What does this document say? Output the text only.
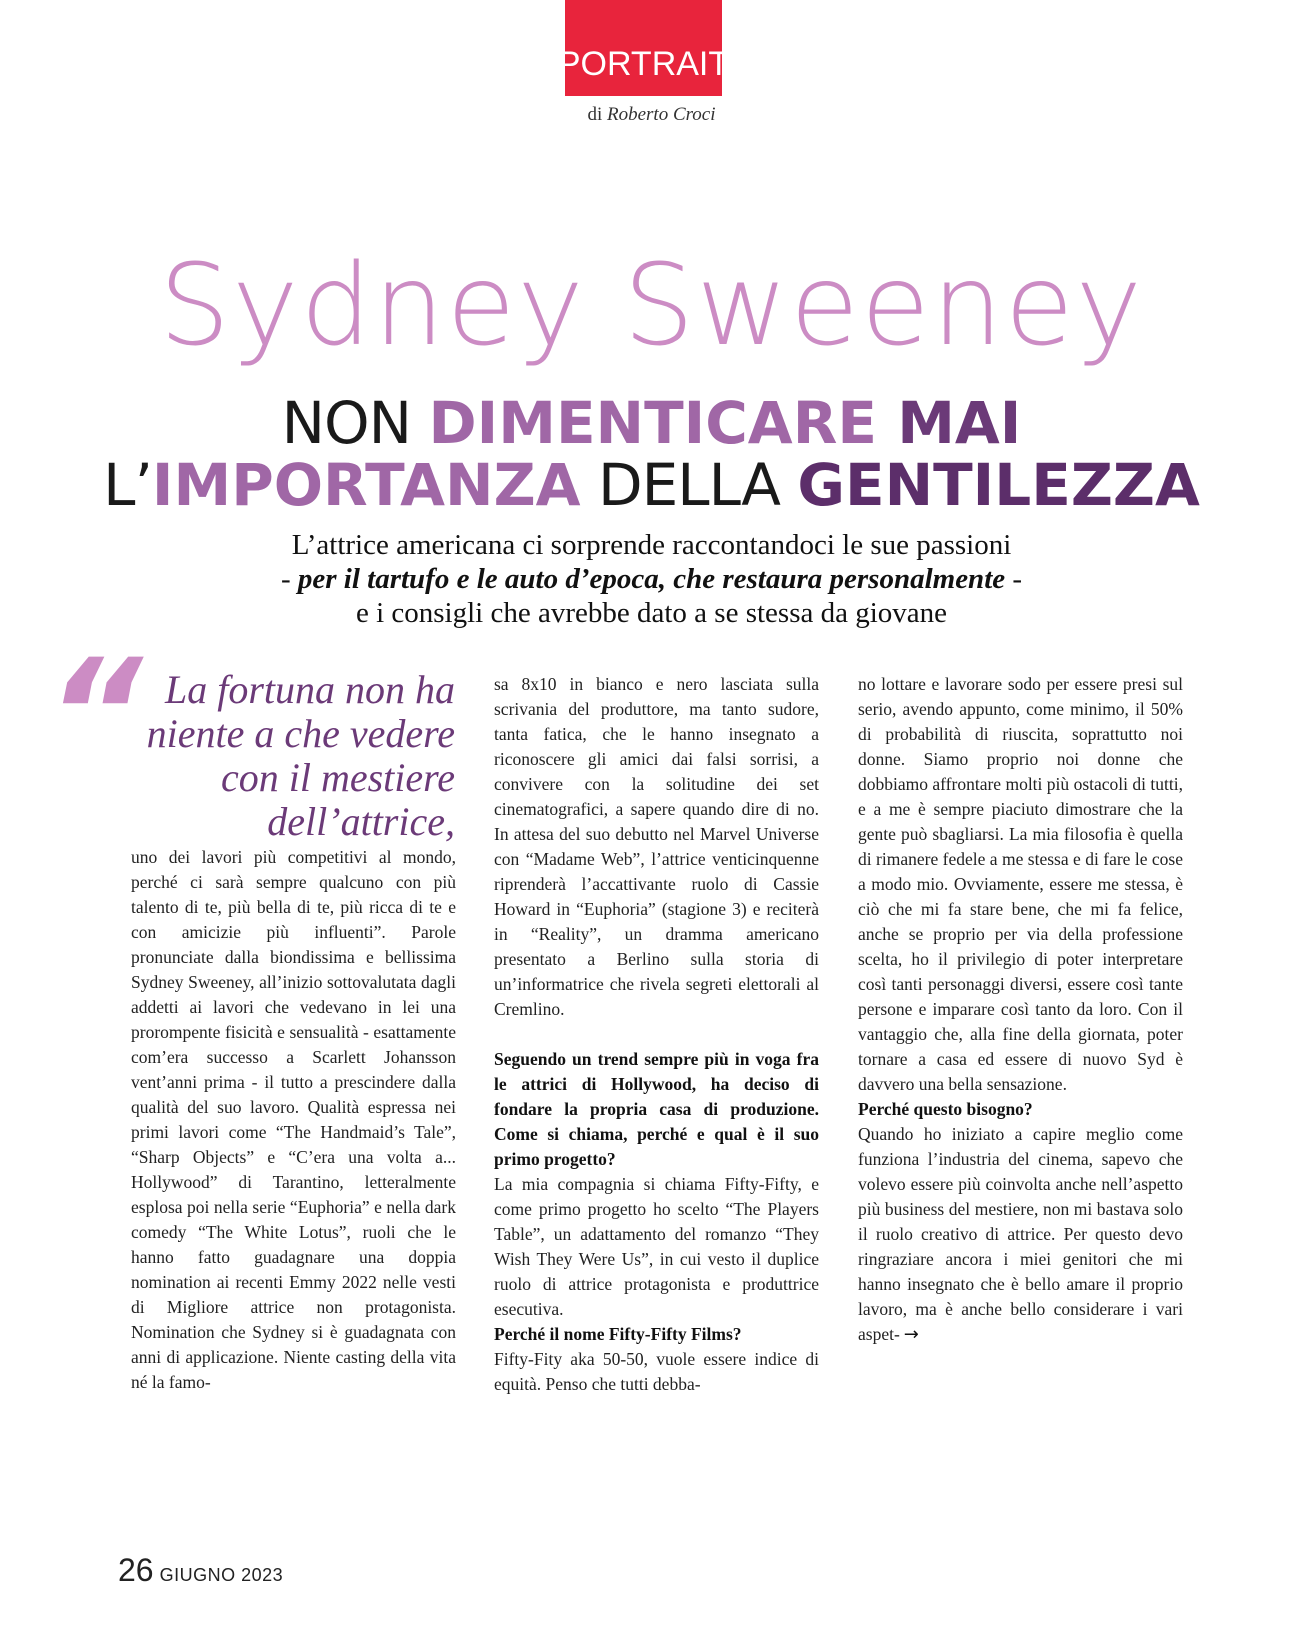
PORTRAIT
di Roberto Croci
Sydney Sweeney
NON DIMENTICARE MAI
L’IMPORTANZA DELLA GENTILEZZA
L’attrice americana ci sorprende raccontandoci le sue passioni
- per il tartufo e le auto d’epoca, che restaura personalmente -
e i consigli che avrebbe dato a se stessa da giovane
“ La fortuna non ha niente a che vedere con il mestiere dell’attrice,

uno dei lavori più competitivi al mondo, perché ci sarà sempre qualcuno con più talento di te, più bella di te, più ricca di te e con amicizie più influenti”. Parole pronunciate dalla biondissima e bellissima Sydney Sweeney, all’inizio sottovalutata dagli addetti ai lavori che vedevano in lei una prorompente fisicità e sensualità - esattamente com’era successo a Scarlett Johansson vent’anni prima - il tutto a prescindere dalla qualità del suo lavoro. Qualità espressa nei primi lavori come “The Handmaid’s Tale”, “Sharp Objects” e “C’era una volta a... Hollywood” di Tarantino, letteralmente esplosa poi nella serie “Euphoria” e nella dark comedy “The White Lotus”, ruoli che le hanno fatto guadagnare una doppia nomination ai recenti Emmy 2022 nelle vesti di Migliore attrice non protagonista. Nomination che Sydney si è guadagnata con anni di applicazione. Niente casting della vita né la famo-

sa 8x10 in bianco e nero lasciata sulla scrivania del produttore, ma tanto sudore, tanta fatica, che le hanno insegnato a riconoscere gli amici dai falsi sorrisi, a convivere con la solitudine dei set cinematografici, a sapere quando dire di no. In attesa del suo debutto nel Marvel Universe con “Madame Web”, l’attrice venticinquenne riprenderà l’accattivante ruolo di Cassie Howard in “Euphoria” (stagione 3) e reciterà in “Reality”, un dramma americano presentato a Berlino sulla storia di un’informatrice che rivela segreti elettorali al Cremlino.

Seguendo un trend sempre più in voga fra le attrici di Hollywood, ha deciso di fondare la propria casa di produzione. Come si chiama, perché e qual è il suo primo progetto?

La mia compagnia si chiama Fifty-Fifty, e come primo progetto ho scelto “The Players Table”, un adattamento del romanzo “They Wish They Were Us”, in cui vesto il duplice ruolo di attrice protagonista e produttrice esecutiva.

Perché il nome Fifty-Fifty Films?

Fifty-Fity aka 50-50, vuole essere indice di equità. Penso che tutti debba-

no lottare e lavorare sodo per essere presi sul serio, avendo appunto, come minimo, il 50% di probabilità di riuscita, soprattutto noi donne. Siamo proprio noi donne che dobbiamo affrontare molti più ostacoli di tutti, e a me è sempre piaciuto dimostrare che la gente può sbagliarsi. La mia filosofia è quella di rimanere fedele a me stessa e di fare le cose a modo mio. Ovviamente, essere me stessa, è ciò che mi fa stare bene, che mi fa felice, anche se proprio per via della professione scelta, ho il privilegio di poter interpretare così tanti personaggi diversi, essere così tante persone e imparare così tanto da loro. Con il vantaggio che, alla fine della giornata, poter tornare a casa ed essere di nuovo Syd è davvero una bella sensazione.

Perché questo bisogno?

Quando ho iniziato a capire meglio come funziona l’industria del cinema, sapevo che volevo essere più coinvolta anche nell’aspetto più business del mestiere, non mi bastava solo il ruolo creativo di attrice. Per questo devo ringraziare ancora i miei genitori che mi hanno insegnato che è bello amare il proprio lavoro, ma è anche bello considerare i vari aspet- →

26 GIUGNO 2023
